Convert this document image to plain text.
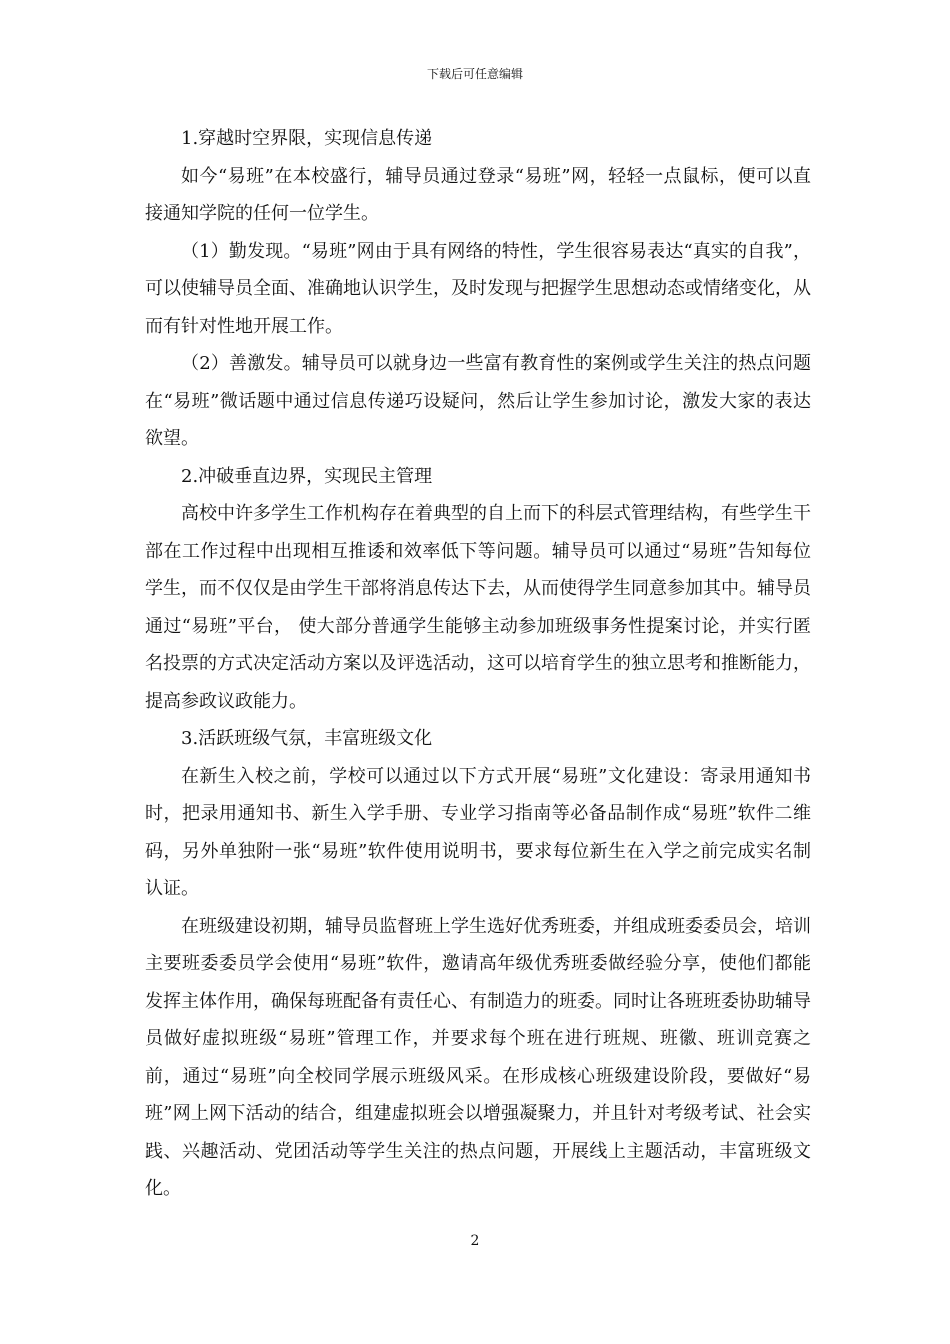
下载后可任意编辑

1.穿越时空界限，实现信息传递

如今“易班”在本校盛行，辅导员通过登录“易班”网，轻轻一点鼠标，便可以直接通知学院的任何一位学生。

（1）勤发现。“易班”网由于具有网络的特性，学生很容易表达“真实的自我”，可以使辅导员全面、准确地认识学生，及时发现与把握学生思想动态或情绪变化，从而有针对性地开展工作。

（2）善激发。辅导员可以就身边一些富有教育性的案例或学生关注的热点问题在“易班”微话题中通过信息传递巧设疑问，然后让学生参加讨论，激发大家的表达欲望。

2.冲破垂直边界，实现民主管理

高校中许多学生工作机构存在着典型的自上而下的科层式管理结构，有些学生干部在工作过程中出现相互推诿和效率低下等问题。辅导员可以通过“易班”告知每位学生，而不仅仅是由学生干部将消息传达下去，从而使得学生同意参加其中。辅导员通过“易班”平台， 使大部分普通学生能够主动参加班级事务性提案讨论，并实行匿名投票的方式决定活动方案以及评选活动，这可以培育学生的独立思考和推断能力，提高参政议政能力。

3.活跃班级气氛，丰富班级文化

在新生入校之前，学校可以通过以下方式开展“易班”文化建设：寄录用通知书时，把录用通知书、新生入学手册、专业学习指南等必备品制作成“易班”软件二维码，另外单独附一张“易班”软件使用说明书，要求每位新生在入学之前完成实名制认证。

在班级建设初期，辅导员监督班上学生选好优秀班委，并组成班委委员会，培训主要班委委员学会使用“易班”软件，邀请高年级优秀班委做经验分享，使他们都能发挥主体作用，确保每班配备有责任心、有制造力的班委。同时让各班班委协助辅导员做好虚拟班级“易班”管理工作，并要求每个班在进行班规、班徽、班训竞赛之前，通过“易班”向全校同学展示班级风采。在形成核心班级建设阶段，要做好“易班”网上网下活动的结合，组建虚拟班会以增强凝聚力，并且针对考级考试、社会实践、兴趣活动、党团活动等学生关注的热点问题，开展线上主题活动，丰富班级文化。

2
